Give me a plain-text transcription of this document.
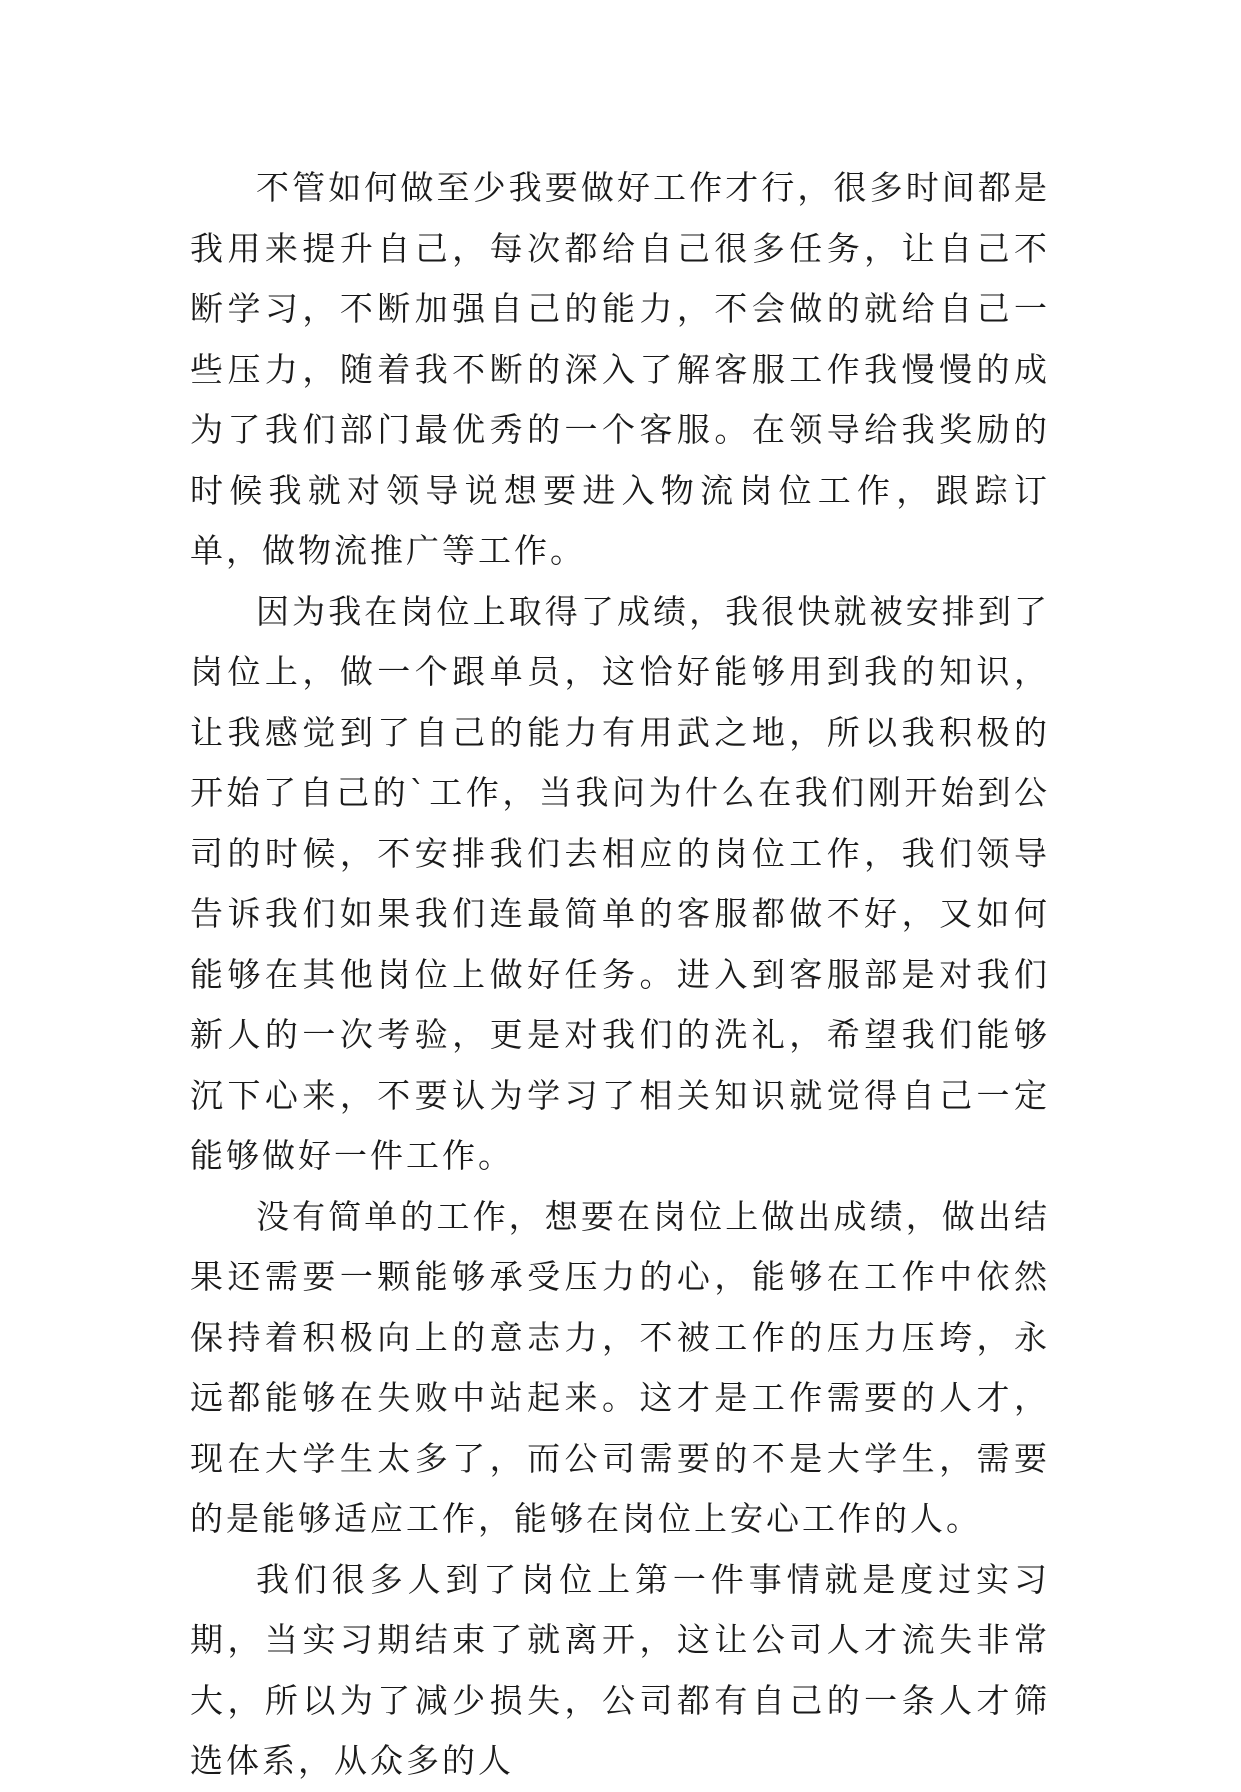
不管如何做至少我要做好工作才行，很多时间都是我用来提升自己，每次都给自己很多任务，让自己不断学习，不断加强自己的能力，不会做的就给自己一些压力，随着我不断的深入了解客服工作我慢慢的成为了我们部门最优秀的一个客服。在领导给我奖励的时候我就对领导说想要进入物流岗位工作，跟踪订单，做物流推广等工作。

因为我在岗位上取得了成绩，我很快就被安排到了岗位上，做一个跟单员，这恰好能够用到我的知识，让我感觉到了自己的能力有用武之地，所以我积极的开始了自己的`工作，当我问为什么在我们刚开始到公司的时候，不安排我们去相应的岗位工作，我们领导告诉我们如果我们连最简单的客服都做不好，又如何能够在其他岗位上做好任务。进入到客服部是对我们新人的一次考验，更是对我们的洗礼，希望我们能够沉下心来，不要认为学习了相关知识就觉得自己一定能够做好一件工作。

没有简单的工作，想要在岗位上做出成绩，做出结果还需要一颗能够承受压力的心，能够在工作中依然保持着积极向上的意志力，不被工作的压力压垮，永远都能够在失败中站起来。这才是工作需要的人才，现在大学生太多了，而公司需要的不是大学生，需要的是能够适应工作，能够在岗位上安心工作的人。

我们很多人到了岗位上第一件事情就是度过实习期，当实习期结束了就离开，这让公司人才流失非常大，所以为了减少损失，公司都有自己的一条人才筛选体系，从众多的人
